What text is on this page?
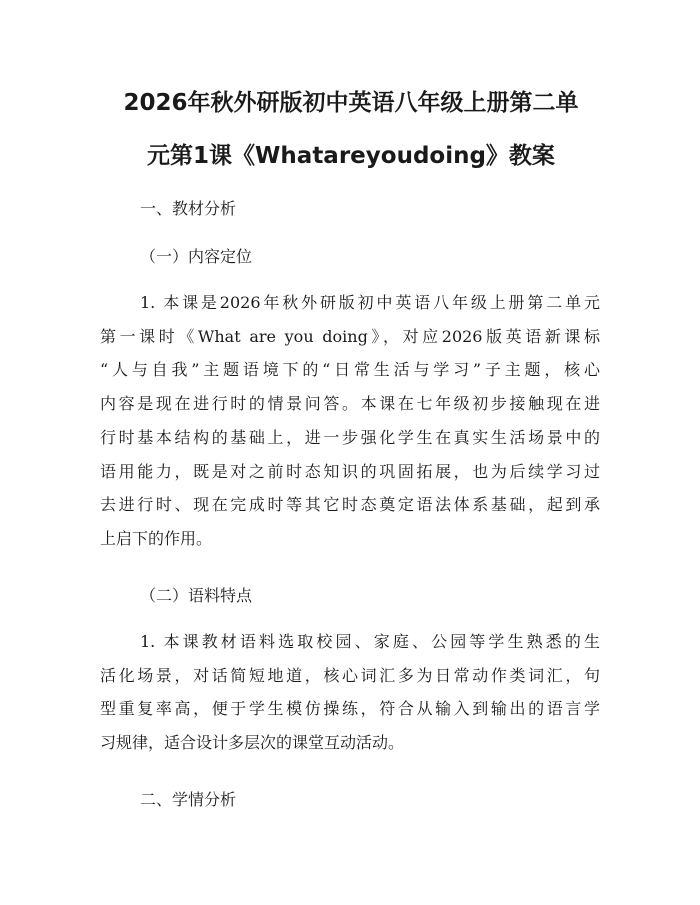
2026年秋外研版初中英语八年级上册第二单
元第1课《Whatareyoudoing》教案
一、教材分析
（一）内容定位
1. 本课是2026年秋外研版初中英语八年级上册第二单元
第一课时《What are you doing》，对应2026版英语新课标
“人与自我”主题语境下的“日常生活与学习”子主题，核心
内容是现在进行时的情景问答。本课在七年级初步接触现在进
行时基本结构的基础上，进一步强化学生在真实生活场景中的
语用能力，既是对之前时态知识的巩固拓展，也为后续学习过
去进行时、现在完成时等其它时态奠定语法体系基础，起到承
上启下的作用。
（二）语料特点
1. 本课教材语料选取校园、家庭、公园等学生熟悉的生
活化场景，对话简短地道，核心词汇多为日常动作类词汇，句
型重复率高，便于学生模仿操练，符合从输入到输出的语言学
习规律，适合设计多层次的课堂互动活动。
二、学情分析
